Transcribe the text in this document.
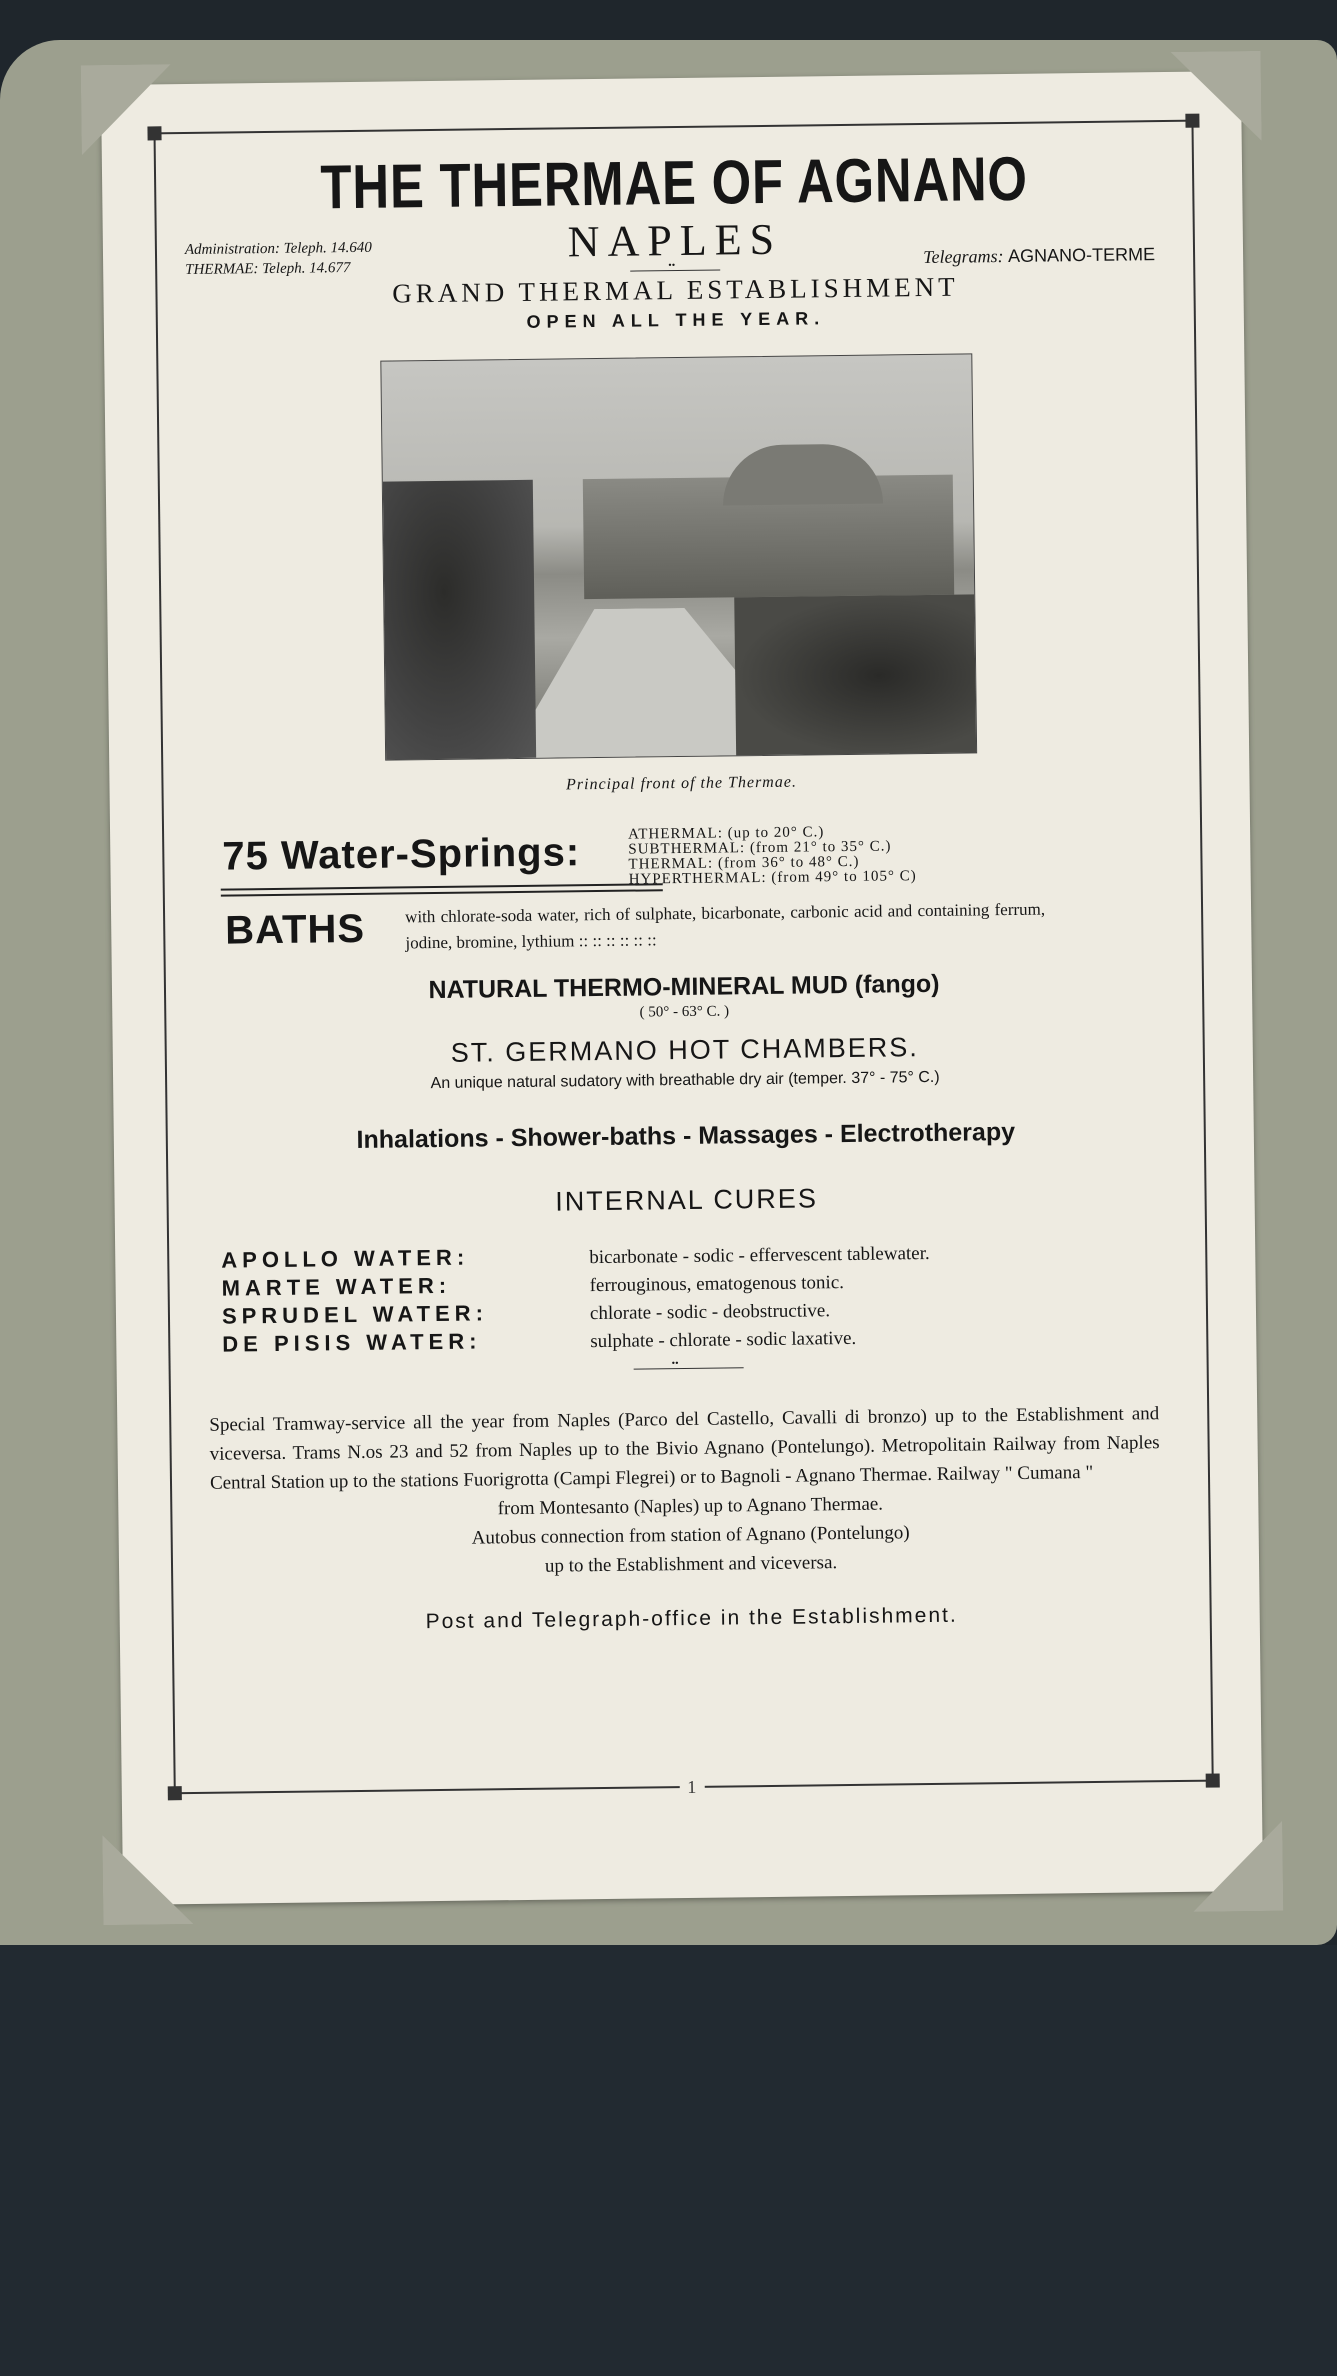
1
THE THERMAE OF AGNANO
NAPLES
Administration: Teleph. 14.640
THERMAE: Teleph. 14.677
Telegrams: AGNANO-TERME
••
GRAND THERMAL ESTABLISHMENT
OPEN ALL THE YEAR.
Principal front of the Thermae.
75 Water-Springs:	ATHERMAL: (up to 20° C.)
SUBTHERMAL: (from 21° to 35° C.)
THERMAL: (from 36° to 48° C.)
HYPERTHERMAL: (from 49° to 105° C)
BATHS with chlorate-soda water, rich of sulphate, bicarbonate, carbonic acid and containing ferrum, jodine, bromine, lythium :: :: :: :: :: ::
NATURAL THERMO-MINERAL MUD (fango)
( 50° - 63° C. )
ST. GERMANO HOT CHAMBERS.
An unique natural sudatory with breathable dry air (temper. 37° - 75° C.)
Inhalations - Shower-baths - Massages - Electrotherapy
INTERNAL CURES
APOLLO WATER:	bicarbonate - sodic - effervescent tablewater.
MARTE WATER:	ferrouginous, ematogenous tonic.
SPRUDEL WATER:	chlorate - sodic - deobstructive.
DE PISIS WATER:	sulphate - chlorate - sodic laxative.
••
Special Tramway-service all the year from Naples (Parco del Castello, Cavalli di bronzo) up to the Establishment and viceversa. Trams N.os 23 and 52 from Naples up to the Bivio Agnano (Pontelungo). Metropolitain Railway from Naples Central Station up to the stations Fuorigrotta (Campi Flegrei) or to Bagnoli - Agnano Thermae. Railway " Cumana "
from Montesanto (Naples) up to Agnano Thermae.
Autobus connection from station of Agnano (Pontelungo)
up to the Establishment and viceversa.
Post and Telegraph-office in the Establishment.
